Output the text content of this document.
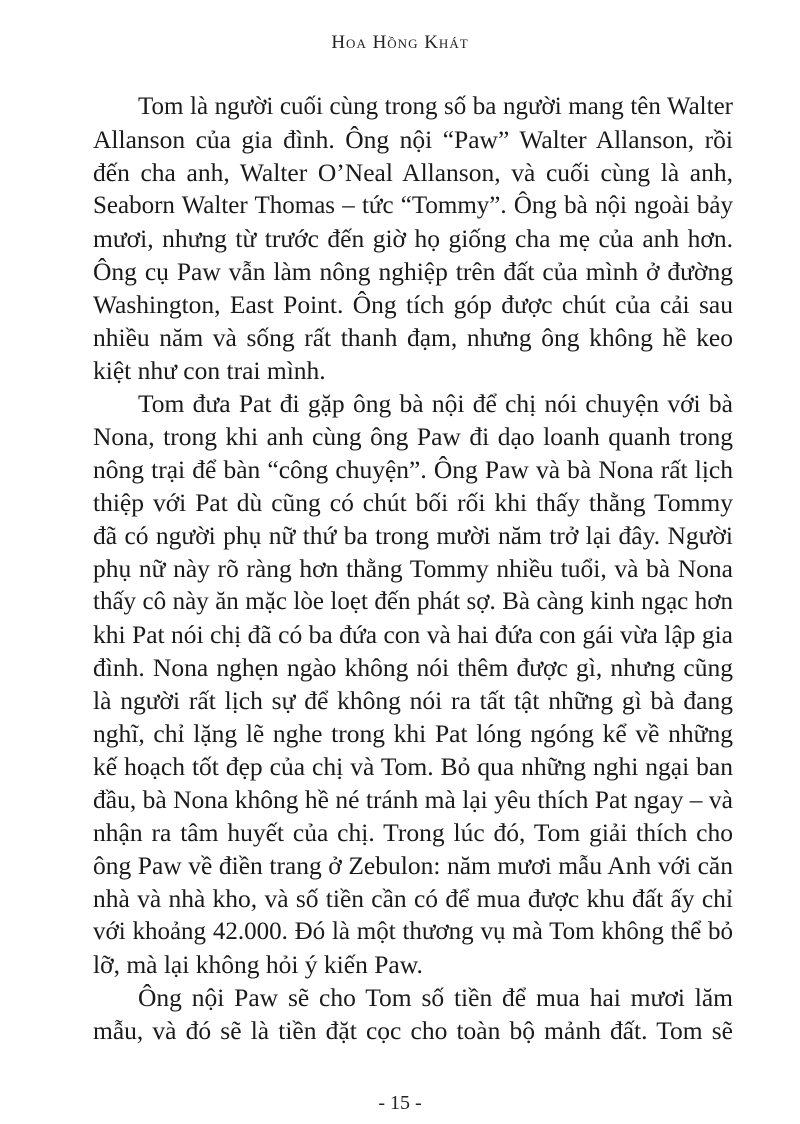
Hoa Hồng Khát
Tom là người cuối cùng trong số ba người mang tên Walter
Allanson của gia đình. Ông nội “Paw” Walter Allanson, rồi
đến cha anh, Walter O’Neal Allanson, và cuối cùng là anh,
Seaborn Walter Thomas – tức “Tommy”. Ông bà nội ngoài bảy
mươi, nhưng từ trước đến giờ họ giống cha mẹ của anh hơn.
Ông cụ Paw vẫn làm nông nghiệp trên đất của mình ở đường
Washington, East Point. Ông tích góp được chút của cải sau
nhiều năm và sống rất thanh đạm, nhưng ông không hề keo
kiệt như con trai mình.
Tom đưa Pat đi gặp ông bà nội để chị nói chuyện với bà
Nona, trong khi anh cùng ông Paw đi dạo loanh quanh trong
nông trại để bàn “công chuyện”. Ông Paw và bà Nona rất lịch
thiệp với Pat dù cũng có chút bối rối khi thấy thằng Tommy
đã có người phụ nữ thứ ba trong mười năm trở lại đây. Người
phụ nữ này rõ ràng hơn thằng Tommy nhiều tuổi, và bà Nona
thấy cô này ăn mặc lòe loẹt đến phát sợ. Bà càng kinh ngạc hơn
khi Pat nói chị đã có ba đứa con và hai đứa con gái vừa lập gia
đình. Nona nghẹn ngào không nói thêm được gì, nhưng cũng
là người rất lịch sự để không nói ra tất tật những gì bà đang
nghĩ, chỉ lặng lẽ nghe trong khi Pat lóng ngóng kể về những
kế hoạch tốt đẹp của chị và Tom. Bỏ qua những nghi ngại ban
đầu, bà Nona không hề né tránh mà lại yêu thích Pat ngay – và
nhận ra tâm huyết của chị. Trong lúc đó, Tom giải thích cho
ông Paw về điền trang ở Zebulon: năm mươi mẫu Anh với căn
nhà và nhà kho, và số tiền cần có để mua được khu đất ấy chỉ
với khoảng 42.000. Đó là một thương vụ mà Tom không thể bỏ
lỡ, mà lại không hỏi ý kiến Paw.
Ông nội Paw sẽ cho Tom số tiền để mua hai mươi lăm
mẫu, và đó sẽ là tiền đặt cọc cho toàn bộ mảnh đất. Tom sẽ
- 15 -
